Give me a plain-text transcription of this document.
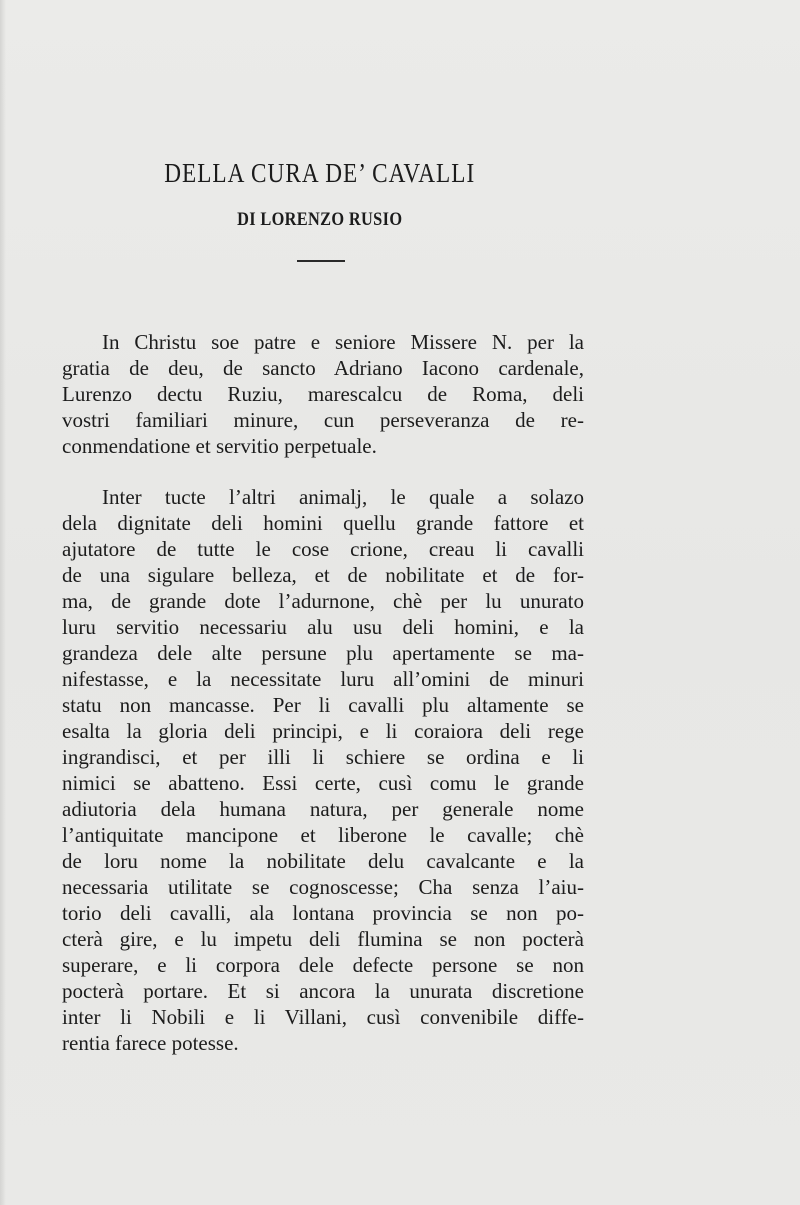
DELLA CURA DE’ CAVALLI
DI LORENZO RUSIO
In Christu soe patre e seniore Missere N. per la
gratia de deu, de sancto Adriano Iacono cardenale,
Lurenzo dectu Ruziu, marescalcu de Roma, deli
vostri familiari minure, cun perseveranza de re-
conmendatione et servitio perpetuale.
Inter tucte l’altri animalj, le quale a solazo
dela dignitate deli homini quellu grande fattore et
ajutatore de tutte le cose crione, creau li cavalli
de una sigulare belleza, et de nobilitate et de for-
ma, de grande dote l’adurnone, chè per lu unurato
luru servitio necessariu alu usu deli homini, e la
grandeza dele alte persune plu apertamente se ma-
nifestasse, e la necessitate luru all’omini de minuri
statu non mancasse. Per li cavalli plu altamente se
esalta la gloria deli principi, e li coraiora deli rege
ingrandisci, et per illi li schiere se ordina e li
nimici se abatteno. Essi certe, cusì comu le grande
adiutoria dela humana natura, per generale nome
l’antiquitate mancipone et liberone le cavalle; chè
de loru nome la nobilitate delu cavalcante e la
necessaria utilitate se cognoscesse; Cha senza l’aiu-
torio deli cavalli, ala lontana provincia se non po-
cterà gire, e lu impetu deli flumina se non pocterà
superare, e li corpora dele defecte persone se non
pocterà portare. Et si ancora la unurata discretione
inter li Nobili e li Villani, cusì convenibile diffe-
rentia farece potesse.
